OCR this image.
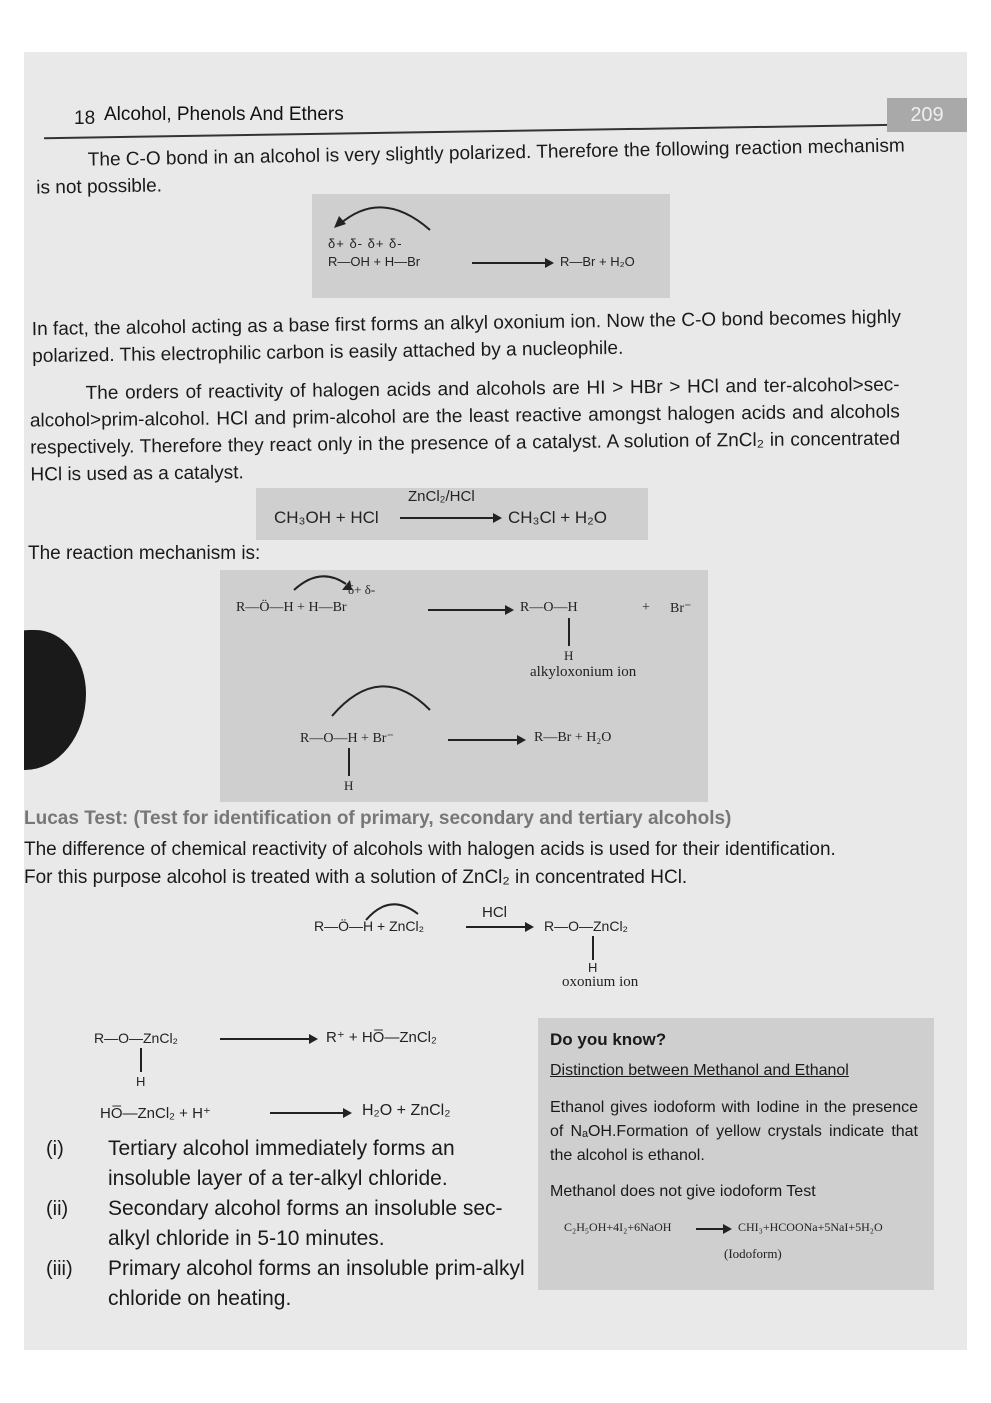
18 Alcohol, Phenols And Ethers	209
The C-O bond in an alcohol is very slightly polarized. Therefore the following reaction mechanism is not possible.
δ+ δ- δ+ δ-
R—OH + H—Br	R—Br + H₂O
In fact, the alcohol acting as a base first forms an alkyl oxonium ion. Now the C-O bond becomes highly polarized. This electrophilic carbon is easily attached by a nucleophile.
The orders of reactivity of halogen acids and alcohols are HI > HBr > HCl and ter-alcohol>sec-alcohol>prim-alcohol. HCl and prim-alcohol are the least reactive amongst halogen acids and alcohols respectively. Therefore they react only in the presence of a catalyst. A solution of ZnCl₂ in concentrated HCl is used as a catalyst.
CH₃OH + HCl
ZnCl₂/HCl
CH₃Cl + H₂O
The reaction mechanism is:
δ+ δ-
R—Ö—H + H—Br	R—O—H	+ Br⁻
H
alkyloxonium ion
R—O—H + Br⁻
H
R—Br + H₂O
Lucas Test: (Test for identification of primary, secondary and tertiary alcohols)
The difference of chemical reactivity of alcohols with halogen acids is used for their identification.
For this purpose alcohol is treated with a solution of ZnCl₂ in concentrated HCl.
R—Ö—H + ZnCl₂
HCl
R—O—ZnCl₂
H
oxonium ion
R—O—ZnCl₂
H
R⁺ + HO̅—ZnCl₂
HO̅—ZnCl₂ + H⁺	H₂O + ZnCl₂
(i) Tertiary alcohol immediately forms an insoluble layer of a ter-alkyl chloride.
(ii) Secondary alcohol forms an insoluble sec-alkyl chloride in 5-10 minutes.
(iii) Primary alcohol forms an insoluble prim-alkyl chloride on heating.
Do you know?
Distinction between Methanol and Ethanol
Ethanol gives iodoform with Iodine in the presence of NₐOH.Formation of yellow crystals indicate that the alcohol is ethanol.
Methanol does not give iodoform Test
C₂H₅OH+4I₂+6NaOH	CHI₃+HCOONa+5NaI+5H₂O
(Iodoform)
